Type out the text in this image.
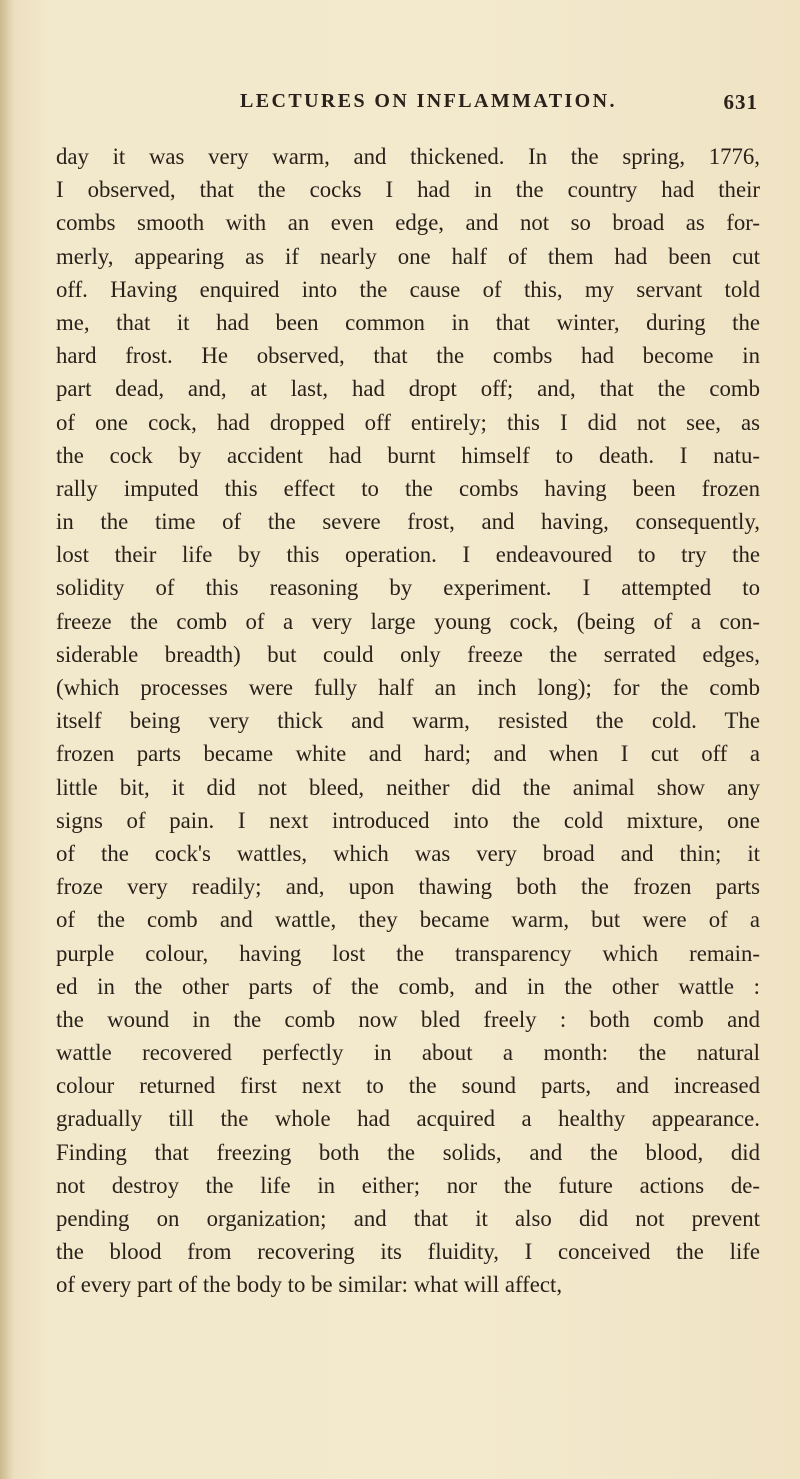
LECTURES ON INFLAMMATION.	631
day it was very warm, and thickened. In the spring, 1776,
I observed, that the cocks I had in the country had their
combs smooth with an even edge, and not so broad as for-
merly, appearing as if nearly one half of them had been cut
off. Having enquired into the cause of this, my servant told
me, that it had been common in that winter, during the
hard frost. He observed, that the combs had become in
part dead, and, at last, had dropt off; and, that the comb
of one cock, had dropped off entirely; this I did not see, as
the cock by accident had burnt himself to death. I natu-
rally imputed this effect to the combs having been frozen
in the time of the severe frost, and having, consequently,
lost their life by this operation. I endeavoured to try the
solidity of this reasoning by experiment. I attempted to
freeze the comb of a very large young cock, (being of a con-
siderable breadth) but could only freeze the serrated edges,
(which processes were fully half an inch long); for the comb
itself being very thick and warm, resisted the cold. The
frozen parts became white and hard; and when I cut off a
little bit, it did not bleed, neither did the animal show any
signs of pain. I next introduced into the cold mixture, one
of the cock's wattles, which was very broad and thin; it
froze very readily; and, upon thawing both the frozen parts
of the comb and wattle, they became warm, but were of a
purple colour, having lost the transparency which remain-
ed in the other parts of the comb, and in the other wattle :
the wound in the comb now bled freely : both comb and
wattle recovered perfectly in about a month: the natural
colour returned first next to the sound parts, and increased
gradually till the whole had acquired a healthy appearance.
Finding that freezing both the solids, and the blood, did
not destroy the life in either; nor the future actions de-
pending on organization; and that it also did not prevent
the blood from recovering its fluidity, I conceived the life
of every part of the body to be similar: what will affect,
